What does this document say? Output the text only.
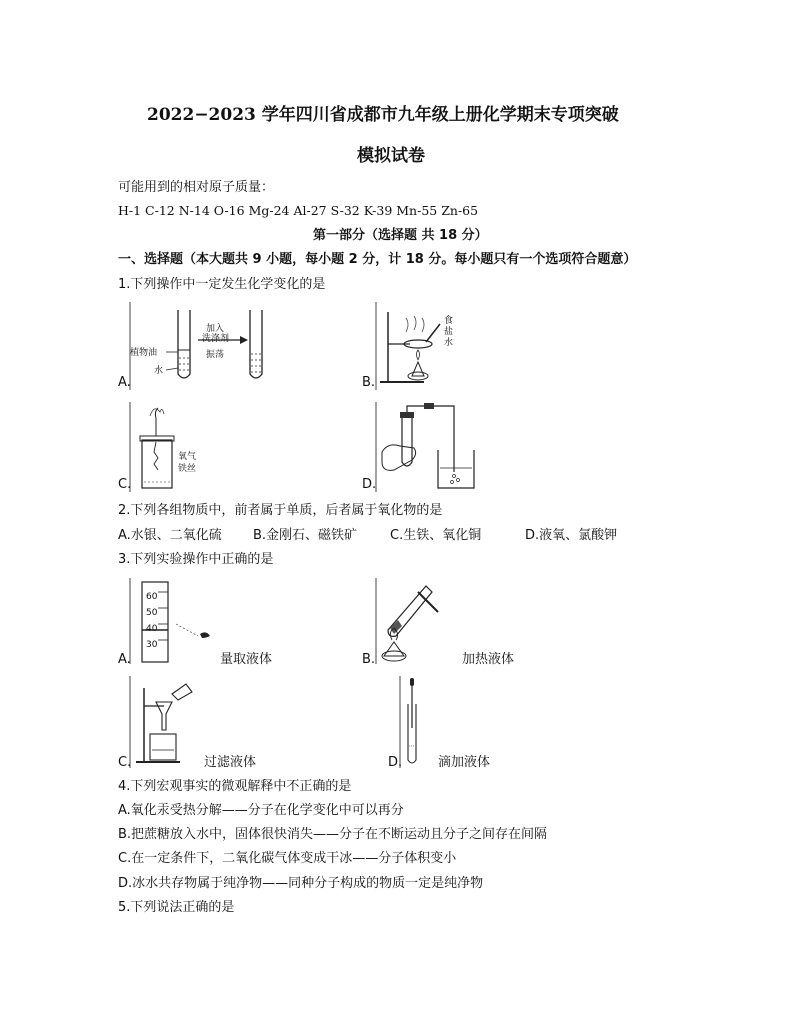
2022−2023 学年四川省成都市九年级上册化学期末专项突破
模拟试卷
可能用到的相对原子质量：
H-1 C-12 N-14 O-16 Mg-24 Al-27 S-32 K-39 Mn-55 Zn-65
第一部分（选择题 共 18 分）
一、选择题（本大题共 9 小题，每小题 2 分，计 18 分。每小题只有一个选项符合题意）
1.下列操作中一定发生化学变化的是
植物油
水
加入
洗涤剂
振荡
A.
食
盐
水
B.
氧气
铁丝
C.	D.
2.下列各组物质中，前者属于单质，后者属于氧化物的是
A.水银、二氧化硫 B.金刚石、磁铁矿	C.生铁、氧化铜	D.液氧、氯酸钾
3.下列实验操作中正确的是
60
50
40
30
A.	量取液体	B.	加热液体
C.	过滤液体	D.	滴加液体
4.下列宏观事实的微观解释中不正确的是
A.氧化汞受热分解——分子在化学变化中可以再分
B.把蔗糖放入水中，固体很快消失——分子在不断运动且分子之间存在间隔
C.在一定条件下，二氧化碳气体变成干冰——分子体积变小
D.冰水共存物属于纯净物——同种分子构成的物质一定是纯净物
5.下列说法正确的是
